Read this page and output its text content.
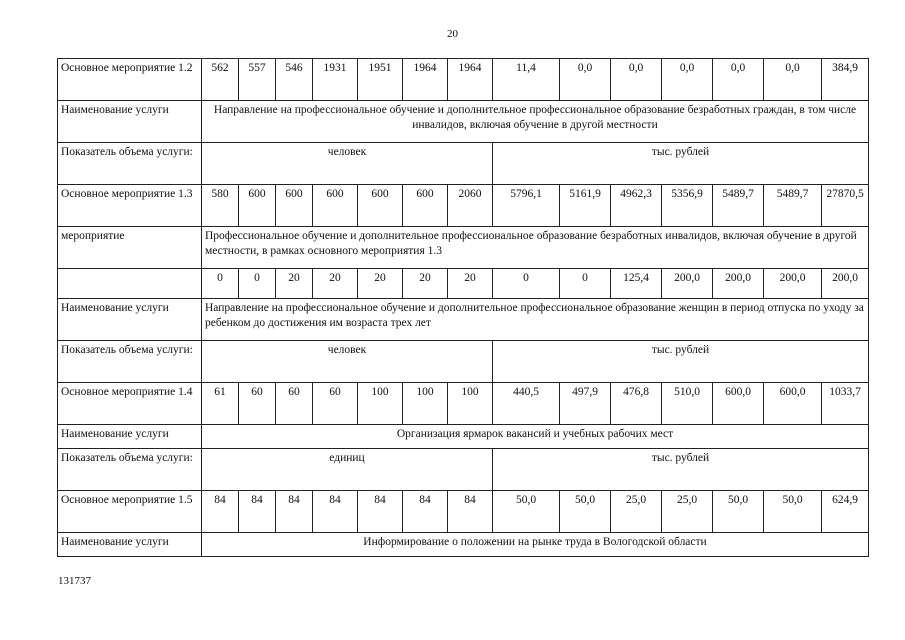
20
Основное мероприятие 1.2	562	557	546	1931	1951	1964	1964	11,4	0,0	0,0	0,0	0,0	0,0	384,9
Наименование услуги	Направление на профессиональное обучение и дополнительное профессиональное образование безработных граждан, в том числе инвалидов, включая обучение в другой местности													
Показатель объема услуги:	человек							тыс. рублей						
Основное мероприятие 1.3	580	600	600	600	600	600	2060	5796,1	5161,9	4962,3	5356,9	5489,7	5489,7	27870,5
мероприятие	Профессиональное обучение и дополнительное профессиональное образование безработных инвалидов, включая обучение в другой местности, в рамках основного мероприятия 1.3													
	0	0	20	20	20	20	20	0	0	125,4	200,0	200,0	200,0	200,0
Наименование услуги	Направление на профессиональное обучение и дополнительное профессиональное образование женщин в период отпуска по уходу за ребенком до достижения им возраста трех лет													
Показатель объема услуги:	человек							тыс. рублей						
Основное мероприятие 1.4	61	60	60	60	100	100	100	440,5	497,9	476,8	510,0	600,0	600,0	1033,7
Наименование услуги	Организация ярмарок вакансий и учебных рабочих мест													
Показатель объема услуги:	единиц							тыс. рублей						
Основное мероприятие 1.5	84	84	84	84	84	84	84	50,0	50,0	25,0	25,0	50,0	50,0	624,9
Наименование услуги	Информирование о положении на рынке труда в Вологодской области													
131737
